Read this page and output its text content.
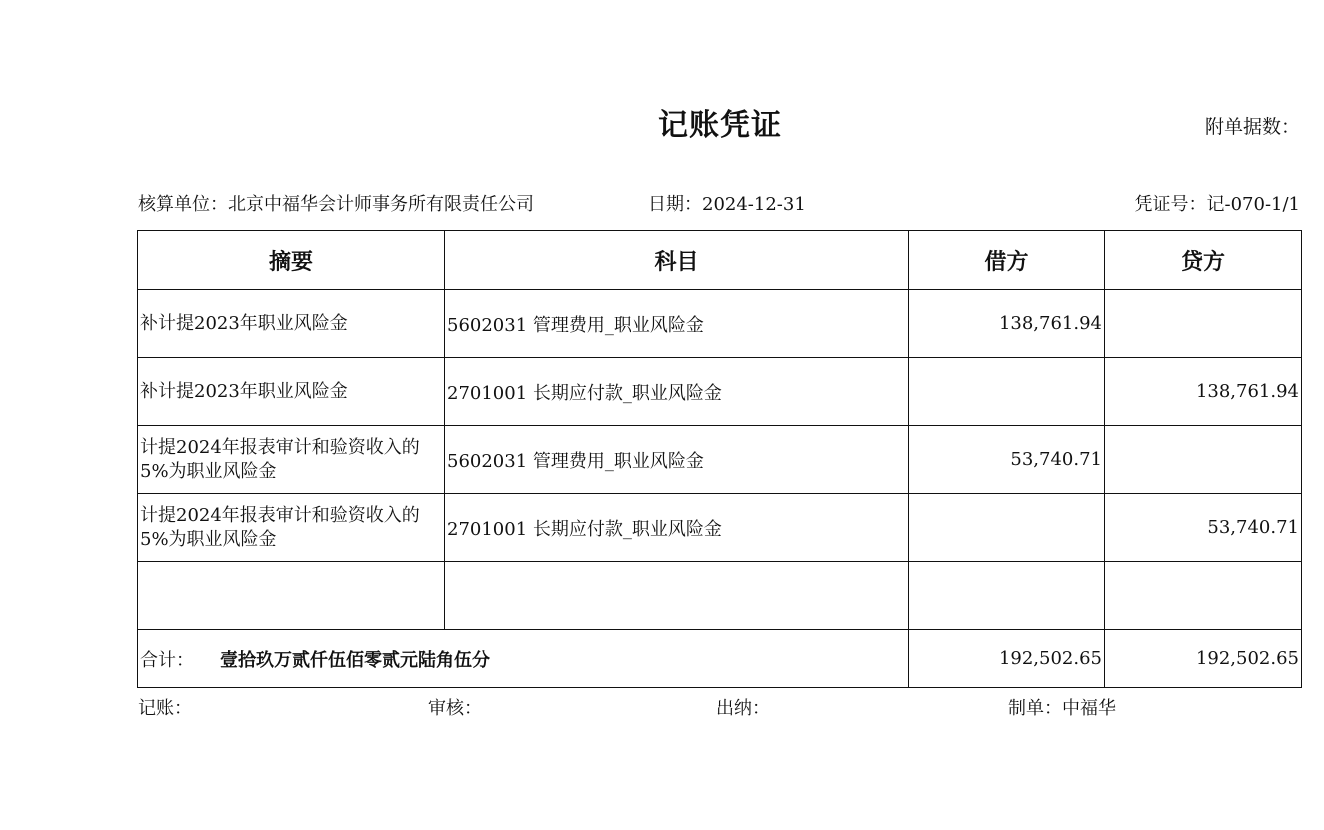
记账凭证	附单据数：
核算单位：北京中福华会计师事务所有限责任公司	日期：2024-12-31	凭证号：记-070-1/1
摘要	科目	借方	贷方
补计提2023年职业风险金	5602031 管理费用_职业风险金	138,761.94	
补计提2023年职业风险金	2701001 长期应付款_职业风险金		138,761.94
计提2024年报表审计和验资收入的5%为职业风险金	5602031 管理费用_职业风险金	53,740.71	
计提2024年报表审计和验资收入的5%为职业风险金	2701001 长期应付款_职业风险金		53,740.71

合计： 壹拾玖万贰仟伍佰零贰元陆角伍分		192,502.65	192,502.65
记账：	审核：	出纳：	制单：中福华
